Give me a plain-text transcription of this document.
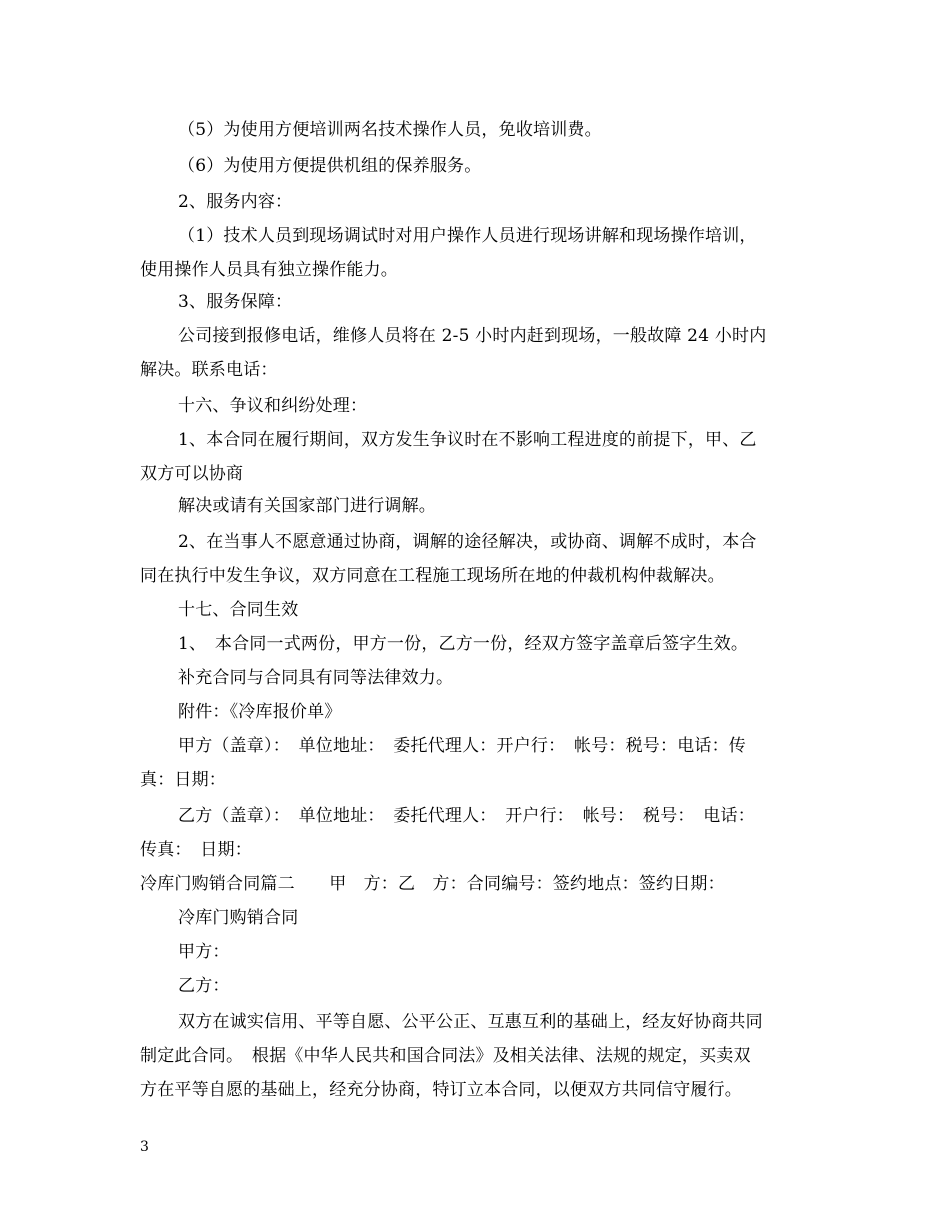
（5）为使用方便培训两名技术操作人员，免收培训费。
（6）为使用方便提供机组的保养服务。
2、服务内容：
（1）技术人员到现场调试时对用户操作人员进行现场讲解和现场操作培训，
使用操作人员具有独立操作能力。
3、服务保障：
公司接到报修电话，维修人员将在 2-5 小时内赶到现场，一般故障 24 小时内
解决。联系电话：
十六、争议和纠纷处理：
1、本合同在履行期间，双方发生争议时在不影响工程进度的前提下，甲、乙
双方可以协商
解决或请有关国家部门进行调解。
2、在当事人不愿意通过协商，调解的途径解决，或协商、调解不成时，本合
同在执行中发生争议，双方同意在工程施工现场所在地的仲裁机构仲裁解决。
十七、合同生效
1、　本合同一式两份，甲方一份，乙方一份，经双方签字盖章后签字生效。
补充合同与合同具有同等法律效力。
附件：《冷库报价单》
甲方（盖章）：　单位地址：　委托代理人：开户行：　帐号：税号：电话：传
真：日期：
乙方（盖章）：　单位地址：　委托代理人：　开户行：　帐号：　税号：　电话：
传真：　日期：
冷库门购销合同篇二　　甲　方：乙　方：合同编号：签约地点：签约日期：
冷库门购销合同
甲方：
乙方：
双方在诚实信用、平等自愿、公平公正、互惠互利的基础上，经友好协商共同
制定此合同。　根据《中华人民共和国合同法》及相关法律、法规的规定，买卖双
方在平等自愿的基础上，经充分协商，特订立本合同，以便双方共同信守履行。
3
